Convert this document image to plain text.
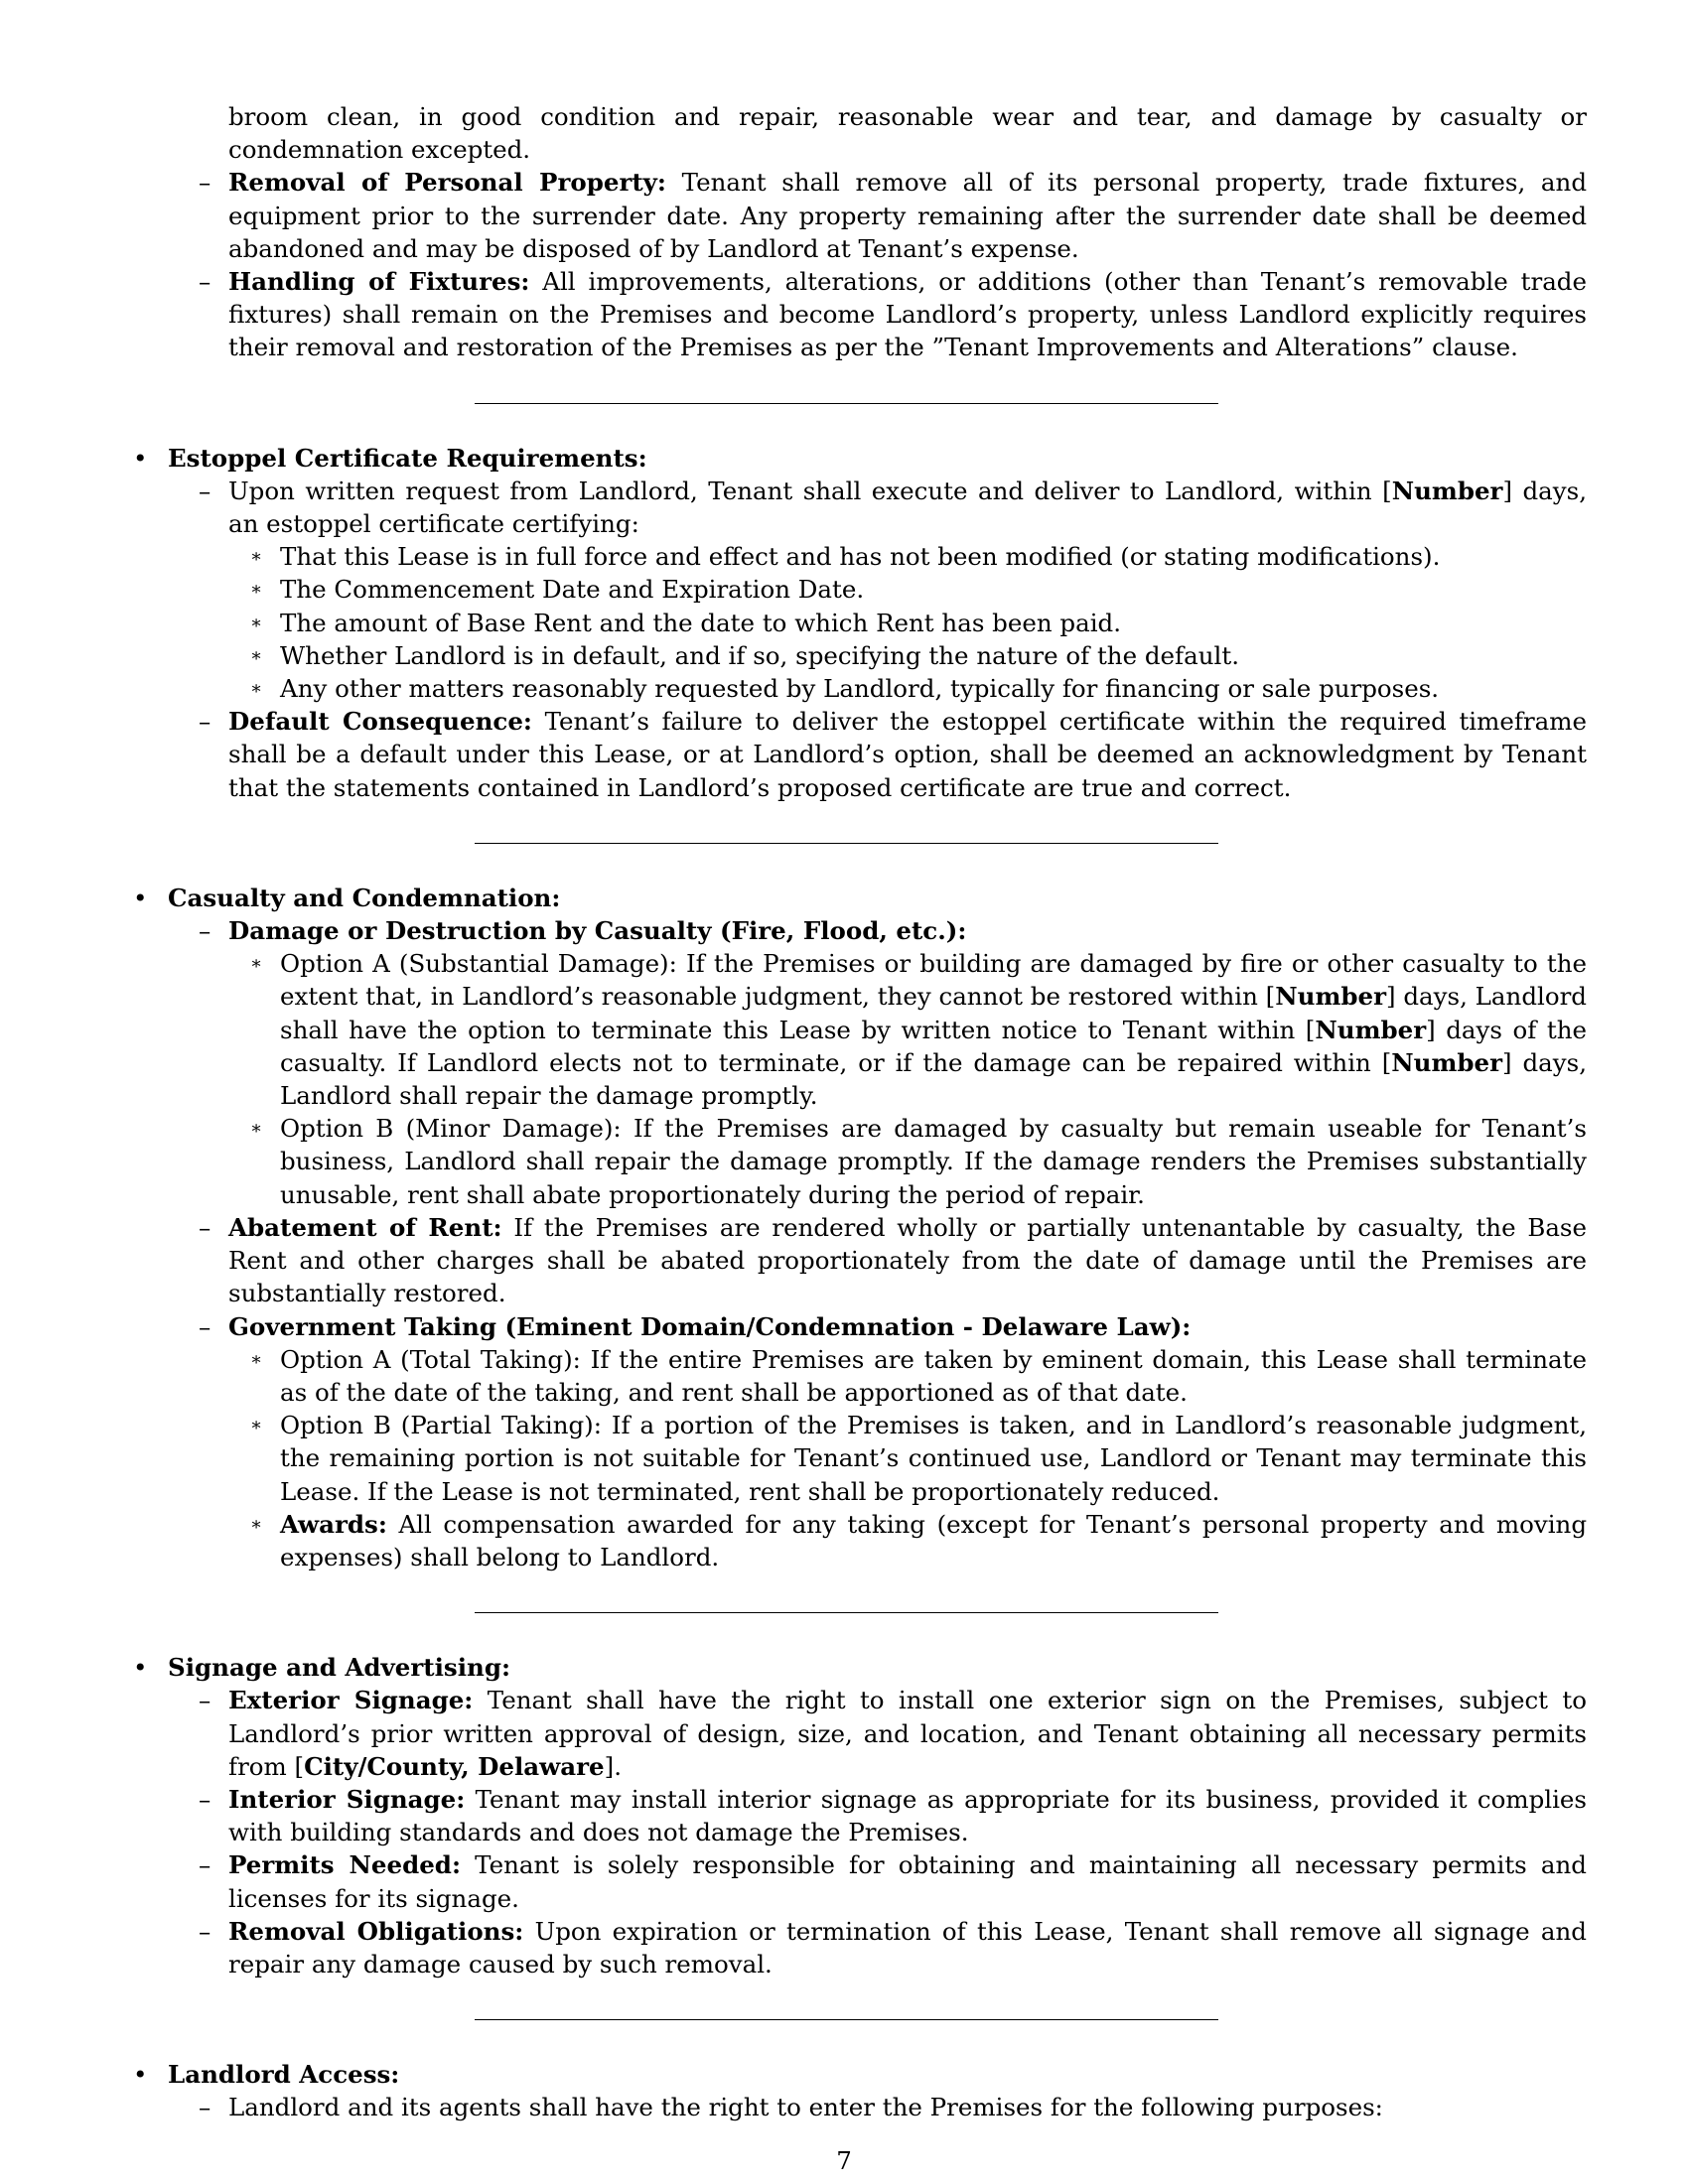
broom clean, in good condition and repair, reasonable wear and tear, and damage by casualty or condemnation excepted.
– Removal of Personal Property: Tenant shall remove all of its personal property, trade fixtures, and equipment prior to the surrender date. Any property remaining after the surrender date shall be deemed abandoned and may be disposed of by Landlord at Tenant’s expense.
– Handling of Fixtures: All improvements, alterations, or additions (other than Tenant’s removable trade fixtures) shall remain on the Premises and become Landlord’s property, unless Landlord explicitly requires their removal and restoration of the Premises as per the ”Tenant Improvements and Alterations” clause.
• Estoppel Certificate Requirements:
– Upon written request from Landlord, Tenant shall execute and deliver to Landlord, within [Number] days, an estoppel certificate certifying:
∗ That this Lease is in full force and effect and has not been modified (or stating modifications).
∗ The Commencement Date and Expiration Date.
∗ The amount of Base Rent and the date to which Rent has been paid.
∗ Whether Landlord is in default, and if so, specifying the nature of the default.
∗ Any other matters reasonably requested by Landlord, typically for financing or sale purposes.
– Default Consequence: Tenant’s failure to deliver the estoppel certificate within the required timeframe shall be a default under this Lease, or at Landlord’s option, shall be deemed an acknowledgment by Tenant that the statements contained in Landlord’s proposed certificate are true and correct.
• Casualty and Condemnation:
– Damage or Destruction by Casualty (Fire, Flood, etc.):
∗ Option A (Substantial Damage): If the Premises or building are damaged by fire or other casualty to the extent that, in Landlord’s reasonable judgment, they cannot be restored within [Number] days, Landlord shall have the option to terminate this Lease by written notice to Tenant within [Number] days of the casualty. If Landlord elects not to terminate, or if the damage can be repaired within [Number] days, Landlord shall repair the damage promptly.
∗ Option B (Minor Damage): If the Premises are damaged by casualty but remain useable for Tenant’s business, Landlord shall repair the damage promptly. If the damage renders the Premises substantially unusable, rent shall abate proportionately during the period of repair.
– Abatement of Rent: If the Premises are rendered wholly or partially untenantable by casualty, the Base Rent and other charges shall be abated proportionately from the date of damage until the Premises are substantially restored.
– Government Taking (Eminent Domain/Condemnation - Delaware Law):
∗ Option A (Total Taking): If the entire Premises are taken by eminent domain, this Lease shall terminate as of the date of the taking, and rent shall be apportioned as of that date.
∗ Option B (Partial Taking): If a portion of the Premises is taken, and in Landlord’s reasonable judgment, the remaining portion is not suitable for Tenant’s continued use, Landlord or Tenant may terminate this Lease. If the Lease is not terminated, rent shall be proportionately reduced.
∗ Awards: All compensation awarded for any taking (except for Tenant’s personal property and moving expenses) shall belong to Landlord.
• Signage and Advertising:
– Exterior Signage: Tenant shall have the right to install one exterior sign on the Premises, subject to Landlord’s prior written approval of design, size, and location, and Tenant obtaining all necessary permits from [City/County, Delaware].
– Interior Signage: Tenant may install interior signage as appropriate for its business, provided it complies with building standards and does not damage the Premises.
– Permits Needed: Tenant is solely responsible for obtaining and maintaining all necessary permits and licenses for its signage.
– Removal Obligations: Upon expiration or termination of this Lease, Tenant shall remove all signage and repair any damage caused by such removal.
• Landlord Access:
– Landlord and its agents shall have the right to enter the Premises for the following purposes:
7
